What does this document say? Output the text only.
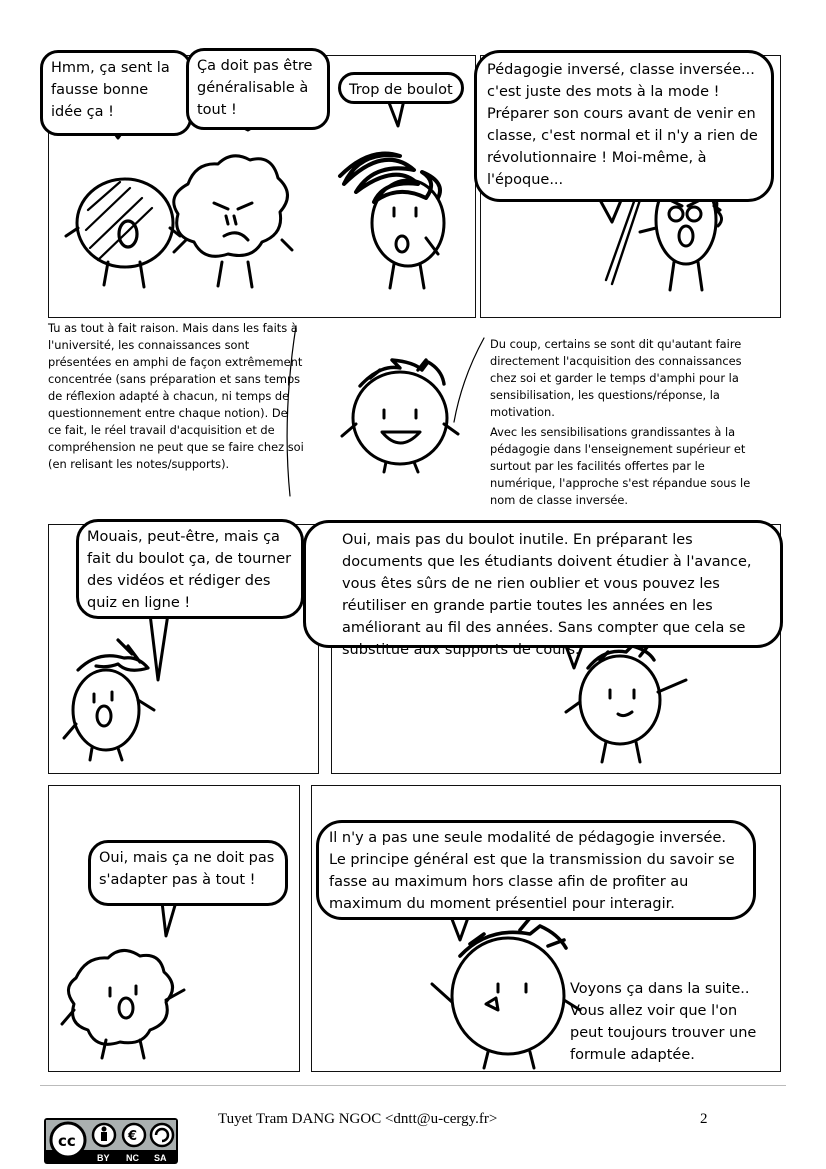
Hmm, ça sent la fausse bonne idée ça !
Ça doit pas être généralisable à tout !
Trop de boulot
Pédagogie inversé, classe inversée... c'est juste des mots à la mode ! Préparer son cours avant de venir en classe, c'est normal et il n'y a rien de révolutionnaire ! Moi-même, à l'époque...
Tu as tout à fait raison. Mais dans les faits à l'université, les connaissances sont présentées en amphi de façon extrêmement concentrée (sans préparation et sans temps de réflexion adapté à chacun, ni temps de questionnement entre chaque notion). De ce fait, le réel travail d'acquisition et de compréhension ne peut que se faire chez soi (en relisant les notes/supports).
Du coup, certains se sont dit qu'autant faire directement l'acquisition des connaissances chez soi et garder le temps d'amphi pour la sensibilisation, les questions/réponse, la motivation.
Avec les sensibilisations grandissantes à la pédagogie dans l'enseignement supérieur et surtout par les facilités offertes par le numérique, l'approche s'est répandue sous le nom de classe inversée.
Mouais, peut-être, mais ça fait du boulot ça, de tourner des vidéos et rédiger des quiz en ligne !
Oui, mais pas du boulot inutile. En préparant les documents que les étudiants doivent étudier à l'avance, vous êtes sûrs de ne rien oublier et vous pouvez les réutiliser en grande partie toutes les années en les améliorant au fil des années. Sans compter que cela se substitue aux supports de cours.
Oui, mais ça ne doit pas s'adapter pas à tout !
Il n'y a pas une seule modalité de pédagogie inversée. Le principe général est que la transmission du savoir se fasse au maximum hors classe afin de profiter au maximum du moment présentiel pour interagir.
Voyons ça dans la suite.. Vous allez voir que l'on peut toujours trouver une formule adaptée.
cc	€
BY NC SA
Tuyet Tram DANG NGOC <dntt@u-cergy.fr>	2
